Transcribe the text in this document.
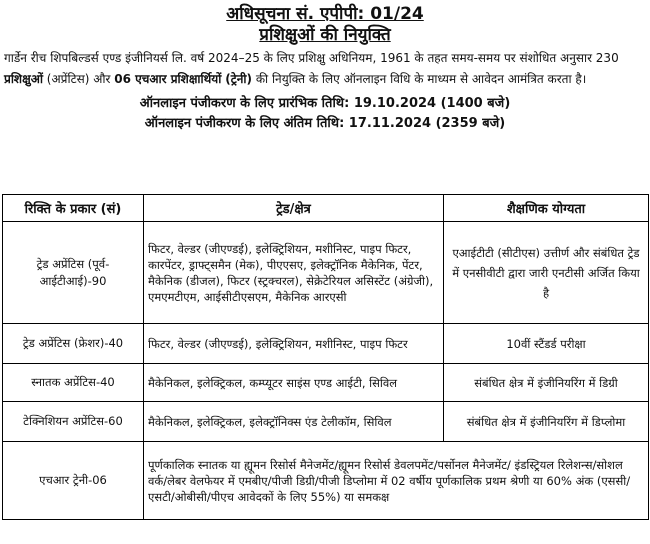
अधिसूचना सं. एपीपी: 01/24
प्रशिक्षुओं की नियुक्ति
गार्डेन रीच शिपबिल्डर्स एण्ड इंजीनियर्स लि. वर्ष 2024–25 के लिए प्रशिक्षु अधिनियम, 1961 के तहत समय-समय पर संशोधित अनुसार 230
प्रशिक्षुओं (अप्रेंटिस) और 06 एचआर प्रशिक्षार्थियों (ट्रेनी) की नियुक्ति के लिए ऑनलाइन विधि के माध्यम से आवेदन आमंत्रित करता है।
ऑनलाइन पंजीकरण के लिए प्रारंभिक तिथि: 19.10.2024 (1400 बजे)
ऑनलाइन पंजीकरण के लिए अंतिम तिथि: 17.11.2024 (2359 बजे)
रिक्ति के प्रकार (सं)	ट्रेड/क्षेत्र	शैक्षणिक योग्यता
ट्रेड अप्रेंटिस (पूर्व-आईटीआई)-90	फिटर, वेल्डर (जीएण्डई), इलेक्ट्रिशियन, मशीनिस्ट, पाइप फिटर, कारपेंटर, ड्राफ्ट्समैन (मेक), पीएएसए, इलेक्ट्रॉनिक मैकेनिक, पेंटर, मैकेनिक (डीजल), फिटर (स्ट्रक्चरल), सेक्रेटेरियल असिस्टेंट (अंग्रेजी), एमएमटीएम, आईसीटीएसएम, मैकेनिक आरएसी	एआईटीटी (सीटीएस) उत्तीर्ण और संबंधित ट्रेड में एनसीवीटी द्वारा जारी एनटीसी अर्जित किया है
ट्रेड अप्रेंटिस (फ्रेशर)-40	फिटर, वेल्डर (जीएण्डई), इलेक्ट्रिशियन, मशीनिस्ट, पाइप फिटर	10वीं स्टैंडर्ड परीक्षा
स्नातक अप्रेंटिस-40	मैकेनिकल, इलेक्ट्रिकल, कम्प्यूटर साइंस एण्ड आईटी, सिविल	संबंधित क्षेत्र में इंजीनियरिंग में डिग्री
टेक्निशियन अप्रेंटिस-60	मैकेनिकल, इलेक्ट्रिकल, इलेक्ट्रॉनिक्स एंड टेलीकॉम, सिविल	संबंधित क्षेत्र में इंजीनियरिंग में डिप्लोमा
एचआर ट्रेनी-06	पूर्णकालिक स्नातक या ह्यूमन रिसोर्स मैनेजमेंट/ह्यूमन रिसोर्स डेवलपमेंट/पर्सोनल मैनेजमेंट/ इंडस्ट्रियल रिलेशन्स/सोशल वर्क/लेबर वेलफेयर में एमबीए/पीजी डिग्री/पीजी डिप्लोमा में 02 वर्षीय पूर्णकालिक प्रथम श्रेणी या 60% अंक (एससी/एसटी/ओबीसी/पीएच आवेदकों के लिए 55%) या समकक्ष	
